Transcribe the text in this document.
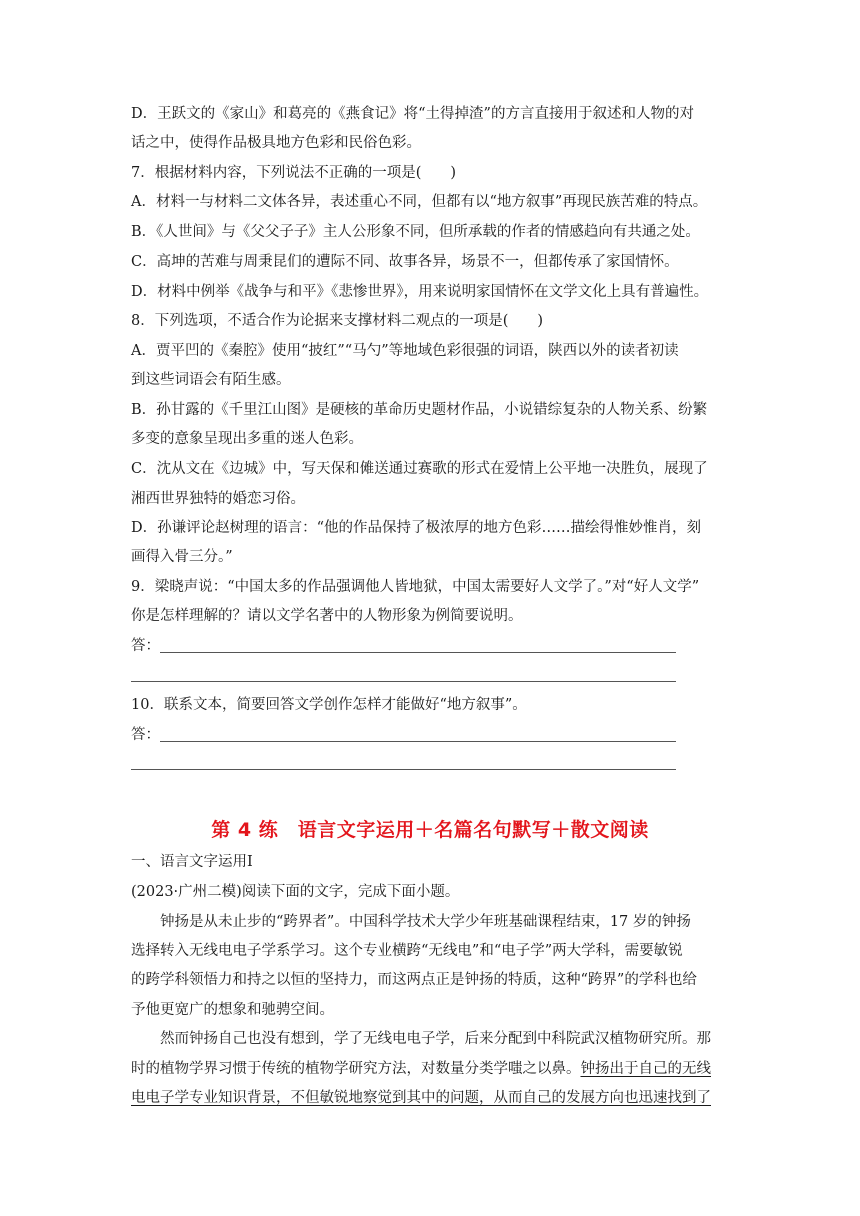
D．王跃文的《家山》和葛亮的《燕食记》将“土得掉渣”的方言直接用于叙述和人物的对
话之中，使得作品极具地方色彩和民俗色彩。
7．根据材料内容，下列说法不正确的一项是(　　)
A．材料一与材料二文体各异，表述重心不同，但都有以“地方叙事”再现民族苦难的特点。
B．《人世间》与《父父子子》主人公形象不同，但所承载的作者的情感趋向有共通之处。
C．高坤的苦难与周秉昆们的遭际不同、故事各异，场景不一，但都传承了家国情怀。
D．材料中例举《战争与和平》《悲惨世界》，用来说明家国情怀在文学文化上具有普遍性。
8．下列选项，不适合作为论据来支撑材料二观点的一项是(　　)
A．贾平凹的《秦腔》使用“披红”“马勺”等地域色彩很强的词语，陕西以外的读者初读
到这些词语会有陌生感。
B．孙甘露的《千里江山图》是硬核的革命历史题材作品，小说错综复杂的人物关系、纷繁
多变的意象呈现出多重的迷人色彩。
C．沈从文在《边城》中，写天保和傩送通过赛歌的形式在爱情上公平地一决胜负，展现了
湘西世界独特的婚恋习俗。
D．孙谦评论赵树理的语言：“他的作品保持了极浓厚的地方色彩……描绘得惟妙惟肖，刻
画得入骨三分。”
9．梁晓声说：“中国太多的作品强调他人皆地狱，中国太需要好人文学了。”对“好人文学”
你是怎样理解的？请以文学名著中的人物形象为例简要说明。
答：
10．联系文本，简要回答文学创作怎样才能做好“地方叙事”。
答：
第 4 练　语言文字运用＋名篇名句默写＋散文阅读
一、语言文字运用Ⅰ
(2023·广州二模)阅读下面的文字，完成下面小题。
钟扬是从未止步的“跨界者”。中国科学技术大学少年班基础课程结束，17 岁的钟扬
选择转入无线电电子学系学习。这个专业横跨“无线电”和“电子学”两大学科，需要敏锐
的跨学科领悟力和持之以恒的坚持力，而这两点正是钟扬的特质，这种“跨界”的学科也给
予他更宽广的想象和驰骋空间。
然而钟扬自己也没有想到，学了无线电电子学，后来分配到中科院武汉植物研究所。那
时的植物学界习惯于传统的植物学研究方法，对数量分类学嗤之以鼻。钟扬出于自己的无线
电电子学专业知识背景，不但敏锐地察觉到其中的问题，从而自己的发展方向也迅速找到了
